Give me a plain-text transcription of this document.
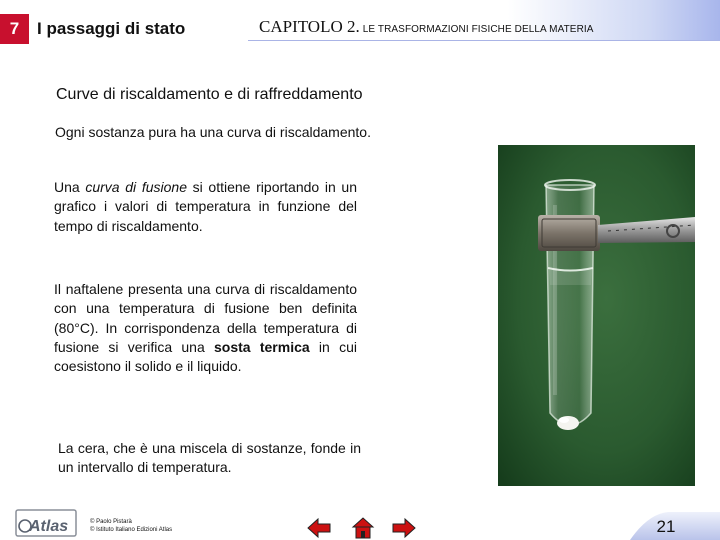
7	I passaggi di stato	CAPITOLO 2. LE TRASFORMAZIONI FISICHE DELLA MATERIA
Curve di riscaldamento e di raffreddamento
Ogni sostanza pura ha una curva di riscaldamento.
Una curva di fusione si ottiene riportando in un grafico i valori di temperatura in funzione del tempo di riscaldamento.
Il naftalene presenta una curva di riscaldamento con una temperatura di fusione ben definita (80°C). In corrispondenza della temperatura di fusione si verifica una sosta termica in cui coesistono il solido e il liquido.
La cera, che è una miscela di sostanze, fonde in un intervallo di temperatura.
Atlas	© Paolo Pistarà
© Istituto Italiano Edizioni Atlas	21
